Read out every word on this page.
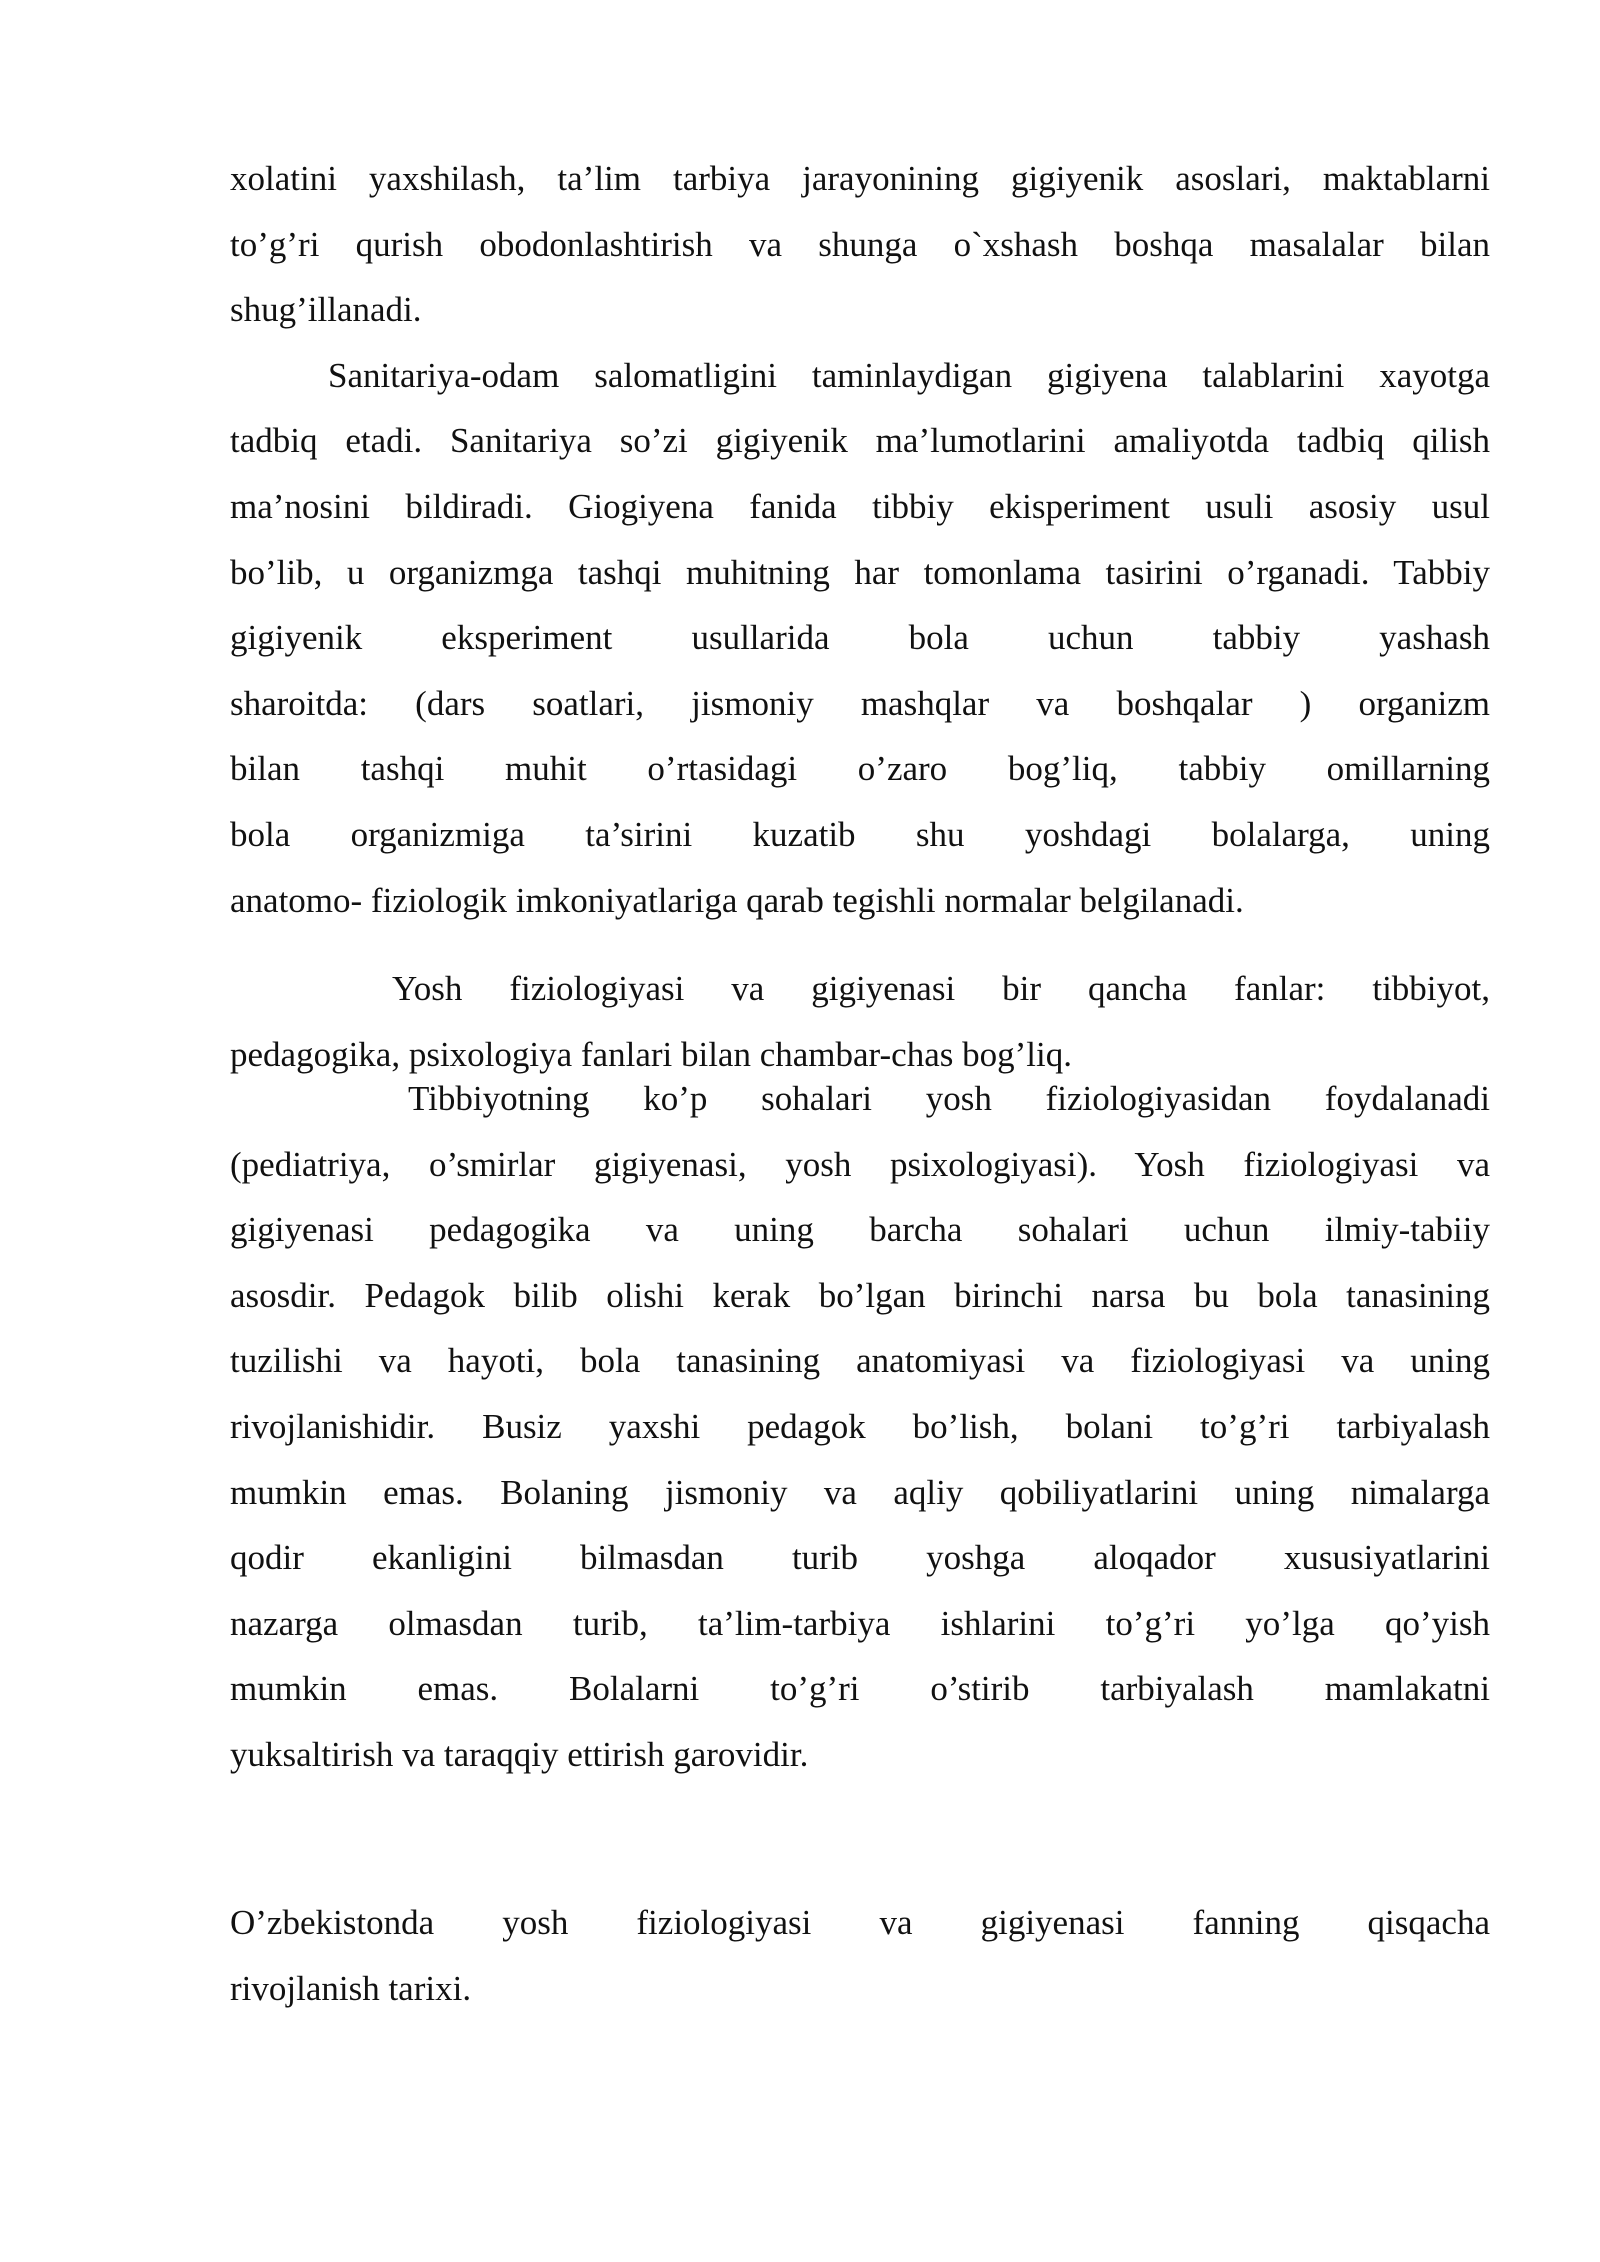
xolatini yaxshilash, ta’lim tarbiya jarayonining gigiyenik asoslari, maktablarni
to’g’ri qurish obodonlashtirish va shunga o`xshash boshqa masalalar bilan
shug’illanadi.
Sanitariya-odam salomatligini taminlaydigan gigiyena talablarini xayotga
tadbiq etadi. Sanitariya so’zi gigiyenik ma’lumotlarini amaliyotda tadbiq qilish
ma’nosini bildiradi. Giogiyena fanida tibbiy ekisperiment usuli asosiy usul
bo’lib, u organizmga tashqi muhitning har tomonlama tasirini o’rganadi. Tabbiy
gigiyenik eksperiment usullarida bola uchun tabbiy yashash
sharoitda: (dars soatlari, jismoniy mashqlar va boshqalar ) organizm
bilan tashqi muhit o’rtasidagi o’zaro bog’liq, tabbiy omillarning
bola organizmiga ta’sirini kuzatib shu yoshdagi bolalarga, uning
anatomo- fiziologik imkoniyatlariga qarab tegishli normalar belgilanadi.
Yosh fiziologiyasi va gigiyenasi bir qancha fanlar: tibbiyot,
pedagogika, psixologiya fanlari bilan chambar-chas bog’liq.
Tibbiyotning ko’p sohalari yosh fiziologiyasidan foydalanadi
(pediatriya, o’smirlar gigiyenasi, yosh psixologiyasi). Yosh fiziologiyasi va
gigiyenasi pedagogika va uning barcha sohalari uchun ilmiy-tabiiy
asosdir. Pedagok bilib olishi kerak bo’lgan birinchi narsa bu bola tanasining
tuzilishi va hayoti, bola tanasining anatomiyasi va fiziologiyasi va uning
rivojlanishidir. Busiz yaxshi pedagok bo’lish, bolani to’g’ri tarbiyalash
mumkin emas. Bolaning jismoniy va aqliy qobiliyatlarini uning nimalarga
qodir ekanligini bilmasdan turib yoshga aloqador xususiyatlarini
nazarga olmasdan turib, ta’lim-tarbiya ishlarini to’g’ri yo’lga qo’yish
mumkin emas. Bolalarni to’g’ri o’stirib tarbiyalash mamlakatni
yuksaltirish va taraqqiy ettirish garovidir.
O’zbekistonda yosh fiziologiyasi va gigiyenasi fanning qisqacha
rivojlanish tarixi.
